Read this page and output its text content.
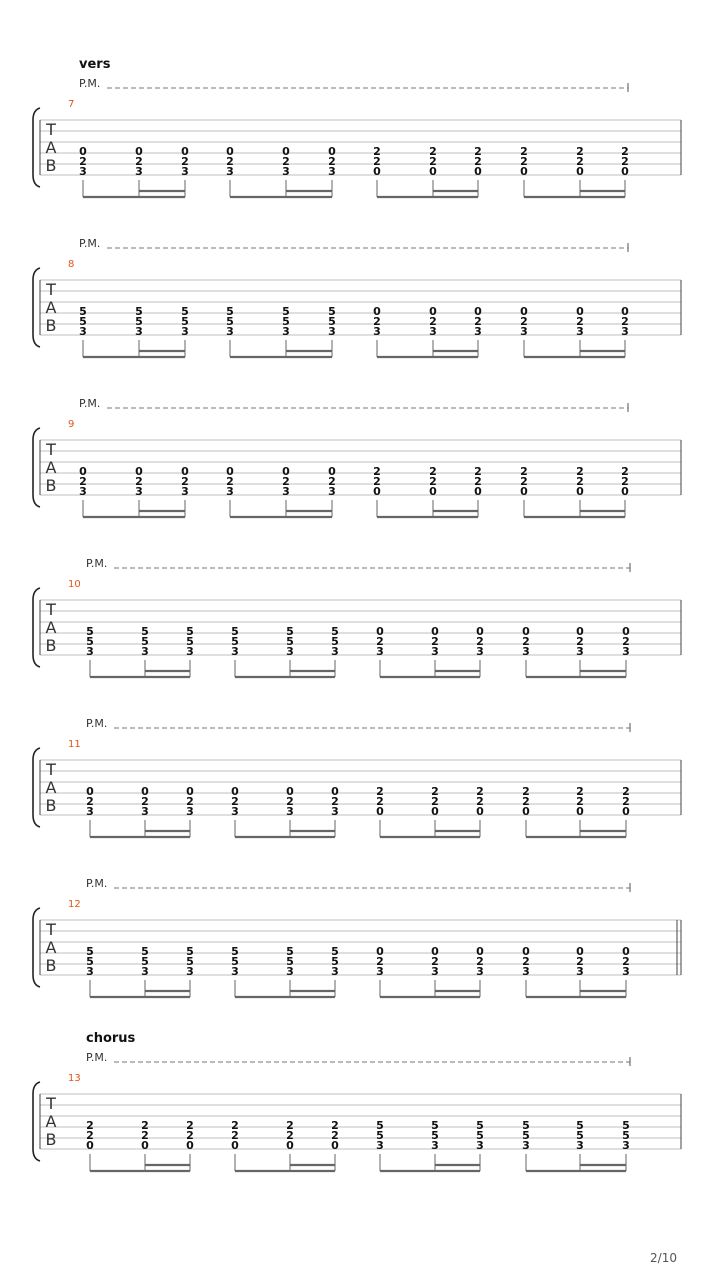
vers
P.M.
7
T
A
B
0
2
3
0
2
3
0
2
3
0
2
3
0
2
3
0
2
3
2
2
0
2
2
0
2
2
0
2
2
0
2
2
0
2
2
0
P.M.
8
T
A
B
5
5
3
5
5
3
5
5
3
5
5
3
5
5
3
5
5
3
0
2
3
0
2
3
0
2
3
0
2
3
0
2
3
0
2
3
P.M.
9
T
A
B
0
2
3
0
2
3
0
2
3
0
2
3
0
2
3
0
2
3
2
2
0
2
2
0
2
2
0
2
2
0
2
2
0
2
2
0
P.M.
10
T
A
B
5
5
3
5
5
3
5
5
3
5
5
3
5
5
3
5
5
3
0
2
3
0
2
3
0
2
3
0
2
3
0
2
3
0
2
3
P.M.
11
T
A
B
0
2
3
0
2
3
0
2
3
0
2
3
0
2
3
0
2
3
2
2
0
2
2
0
2
2
0
2
2
0
2
2
0
2
2
0
P.M.
12
T
A
B
5
5
3
5
5
3
5
5
3
5
5
3
5
5
3
5
5
3
0
2
3
0
2
3
0
2
3
0
2
3
0
2
3
0
2
3
chorus
P.M.
13
T
A
B
2
2
0
2
2
0
2
2
0
2
2
0
2
2
0
2
2
0
5
5
3
5
5
3
5
5
3
5
5
3
5
5
3
5
5
3
2/10
